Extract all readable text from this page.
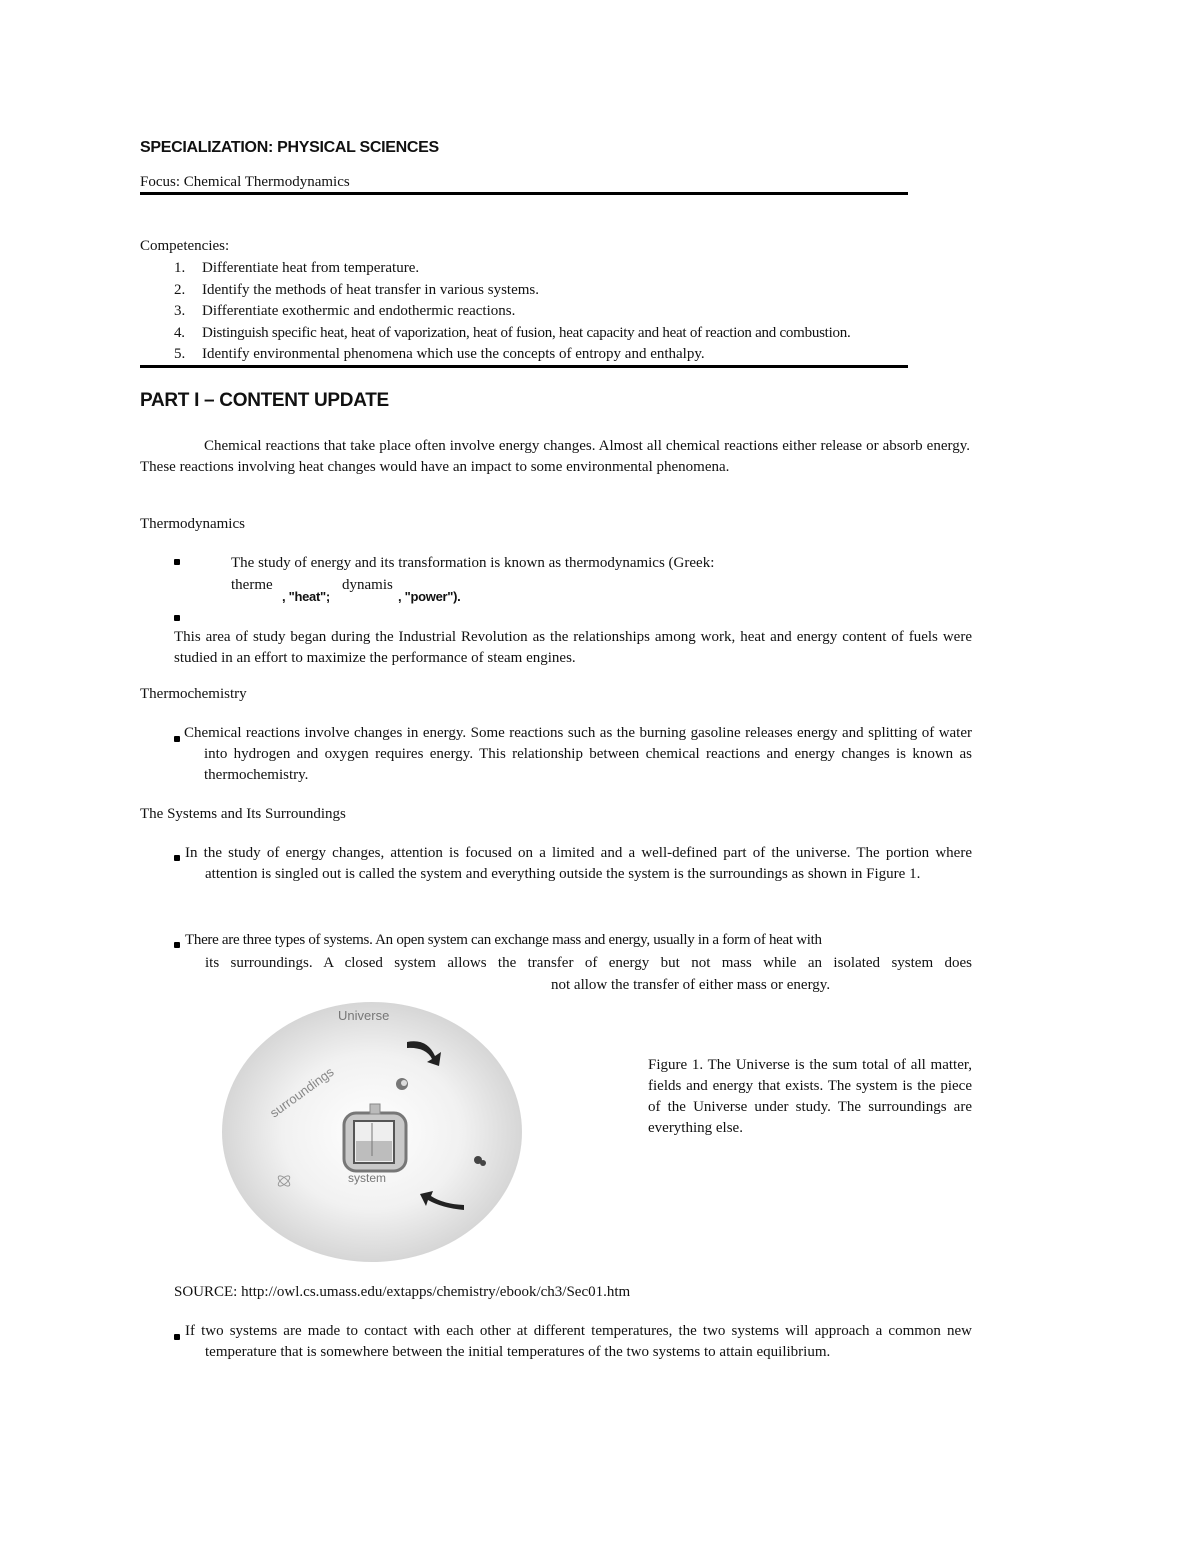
SPECIALIZATION: PHYSICAL SCIENCES
Focus: Chemical Thermodynamics
Competencies:
1. Differentiate heat from temperature.
2. Identify the methods of heat transfer in various systems.
3. Differentiate exothermic and endothermic reactions.
4. Distinguish specific heat, heat of vaporization, heat of fusion, heat capacity and heat of reaction and combustion.
5. Identify environmental phenomena which use the concepts of entropy and enthalpy.
PART I – CONTENT UPDATE
Chemical reactions that take place often involve energy changes. Almost all chemical reactions either release or absorb energy. These reactions involving heat changes would have an impact to some environmental phenomena.
Thermodynamics
The study of energy and its transformation is known as thermodynamics (Greek:
therme
, "heat";
dynamis
, "power").
This area of study began during the Industrial Revolution as the relationships among work, heat and energy content of fuels were studied in an effort to maximize the performance of steam engines.
Thermochemistry
Chemical reactions involve changes in energy. Some reactions such as the burning gasoline releases energy and splitting of water into hydrogen and oxygen requires energy. This relationship between chemical reactions and energy changes is known as thermochemistry.
The Systems and Its Surroundings
In the study of energy changes, attention is focused on a limited and a well-defined part of the universe. The portion where attention is singled out is called the system and everything outside the system is the surroundings as shown in Figure 1.
There are three types of systems. An open system can exchange mass and energy, usually in a form of heat with
its surroundings. A closed system allows the transfer of energy but not mass while an isolated system does
not allow the transfer of either mass or energy.
surroundings
system
Universe
Figure 1. The Universe is the sum total of all matter, fields and energy that exists. The system is the piece of the Universe under study. The surroundings are everything else.
SOURCE: http://owl.cs.umass.edu/extapps/chemistry/ebook/ch3/Sec01.htm
If two systems are made to contact with each other at different temperatures, the two systems will approach a common new temperature that is somewhere between the initial temperatures of the two systems to attain equilibrium.
